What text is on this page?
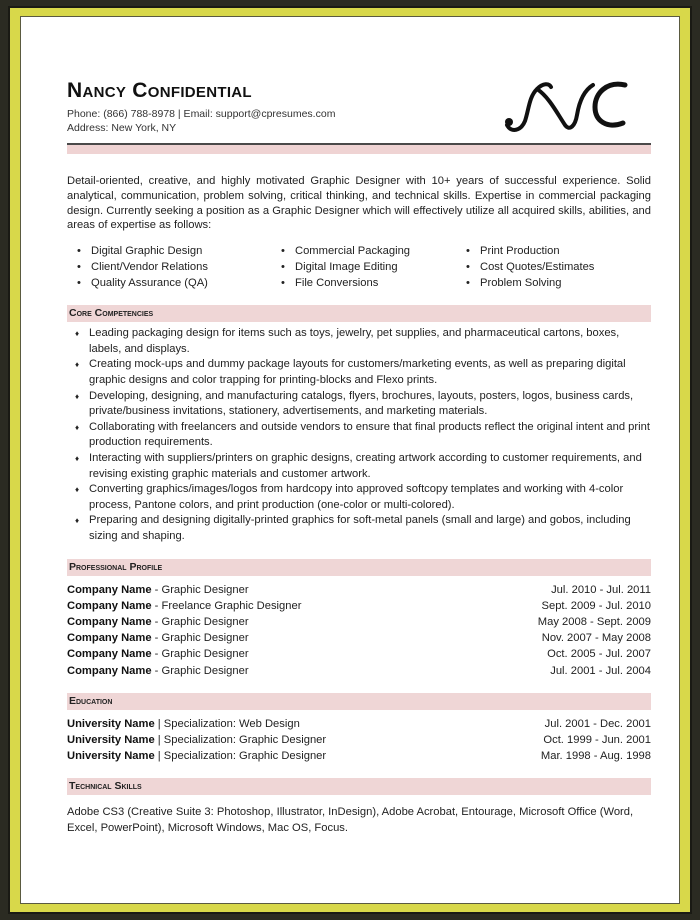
Nancy Confidential
Phone: (866) 788-8978 | Email: support@cpresumes.com
Address: New York, NY
Detail-oriented, creative, and highly motivated Graphic Designer with 10+ years of successful experience. Solid analytical, communication, problem solving, critical thinking, and technical skills. Expertise in commercial packaging design. Currently seeking a position as a Graphic Designer which will effectively utilize all acquired skills, abilities, and areas of expertise as follows:
• Digital Graphic Design
• Client/Vendor Relations
• Quality Assurance (QA)
• Commercial Packaging
• Digital Image Editing
• File Conversions
• Print Production
• Cost Quotes/Estimates
• Problem Solving
Core Competencies
♦ Leading packaging design for items such as toys, jewelry, pet supplies, and pharmaceutical cartons, boxes, labels, and displays.
♦ Creating mock-ups and dummy package layouts for customers/marketing events, as well as preparing digital graphic designs and color trapping for printing-blocks and Flexo prints.
♦ Developing, designing, and manufacturing catalogs, flyers, brochures, layouts, posters, logos, business cards, private/business invitations, stationery, advertisements, and marketing materials.
♦ Collaborating with freelancers and outside vendors to ensure that final products reflect the original intent and print production requirements.
♦ Interacting with suppliers/printers on graphic designs, creating artwork according to customer requirements, and revising existing graphic materials and customer artwork.
♦ Converting graphics/images/logos from hardcopy into approved softcopy templates and working with 4-color process, Pantone colors, and print production (one-color or multi-colored).
♦ Preparing and designing digitally-printed graphics for soft-metal panels (small and large) and gobos, including sizing and shaping.
Professional Profile
Company Name - Graphic Designer	Jul. 2010 - Jul. 2011
Company Name - Freelance Graphic Designer	Sept. 2009 - Jul. 2010
Company Name - Graphic Designer	May 2008 - Sept. 2009
Company Name - Graphic Designer	Nov. 2007 - May 2008
Company Name - Graphic Designer	Oct. 2005 - Jul. 2007
Company Name - Graphic Designer	Jul. 2001 - Jul. 2004
Education
University Name | Specialization: Web Design	Jul. 2001 - Dec. 2001
University Name | Specialization: Graphic Designer	Oct. 1999 - Jun. 2001
University Name | Specialization: Graphic Designer	Mar. 1998 - Aug. 1998
Technical Skills
Adobe CS3 (Creative Suite 3: Photoshop, Illustrator, InDesign), Adobe Acrobat, Entourage, Microsoft Office (Word, Excel, PowerPoint), Microsoft Windows, Mac OS, Focus.
